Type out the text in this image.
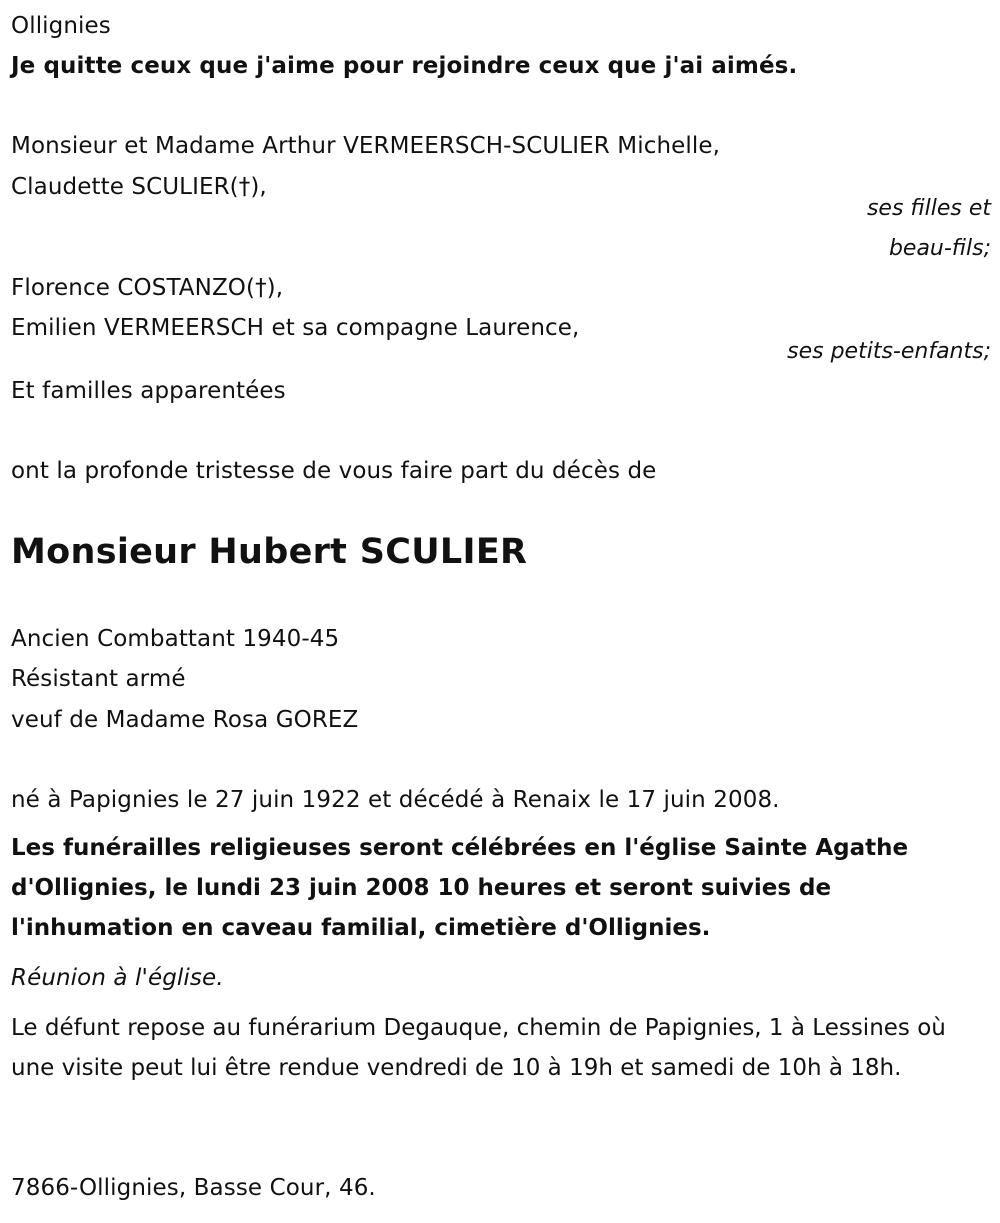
Ollignies
Je quitte ceux que j'aime pour rejoindre ceux que j'ai aimés.
Monsieur et Madame Arthur VERMEERSCH-SCULIER Michelle,
Claudette SCULIER(†),
ses filles et
beau-fils;
Florence COSTANZO(†),
Emilien VERMEERSCH et sa compagne Laurence,
ses petits-enfants;
Et familles apparentées
ont la profonde tristesse de vous faire part du décès de
Monsieur Hubert SCULIER
Ancien Combattant 1940-45
Résistant armé
veuf de Madame Rosa GOREZ
né à Papignies le 27 juin 1922 et décédé à Renaix le 17 juin 2008.
Les funérailles religieuses seront célébrées en l'église Sainte Agathe d'Ollignies, le lundi 23 juin 2008 10 heures et seront suivies de l'inhumation en caveau familial, cimetière d'Ollignies.
Réunion à l'église.
Le défunt repose au funérarium Degauque, chemin de Papignies, 1 à Lessines où une visite peut lui être rendue vendredi de 10 à 19h et samedi de 10h à 18h.
7866-Ollignies, Basse Cour, 46.
